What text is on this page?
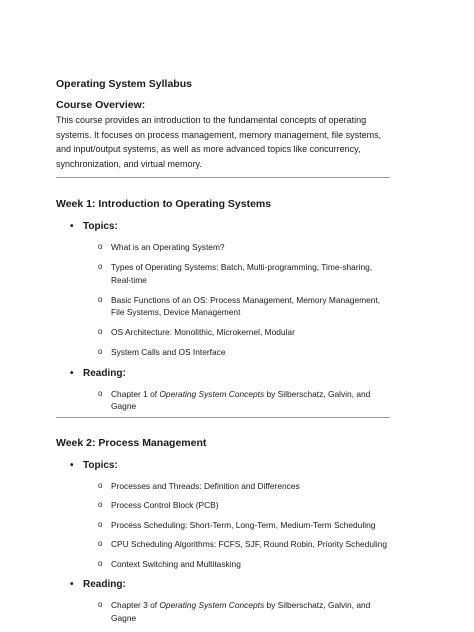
Operating System Syllabus
Course Overview:
This course provides an introduction to the fundamental concepts of operating systems. It focuses on process management, memory management, file systems, and input/output systems, as well as more advanced topics like concurrency, synchronization, and virtual memory.
Week 1: Introduction to Operating Systems
• Topics:
o What is an Operating System?
o Types of Operating Systems: Batch, Multi-programming, Time-sharing, Real-time
o Basic Functions of an OS: Process Management, Memory Management, File Systems, Device Management
o OS Architecture: Monolithic, Microkernel, Modular
o System Calls and OS Interface
• Reading:
o Chapter 1 of Operating System Concepts by Silberschatz, Galvin, and Gagne
Week 2: Process Management
• Topics:
o Processes and Threads: Definition and Differences
o Process Control Block (PCB)
o Process Scheduling: Short-Term, Long-Term, Medium-Term Scheduling
o CPU Scheduling Algorithms: FCFS, SJF, Round Robin, Priority Scheduling
o Context Switching and Multitasking
• Reading:
o Chapter 3 of Operating System Concepts by Silberschatz, Galvin, and Gagne
